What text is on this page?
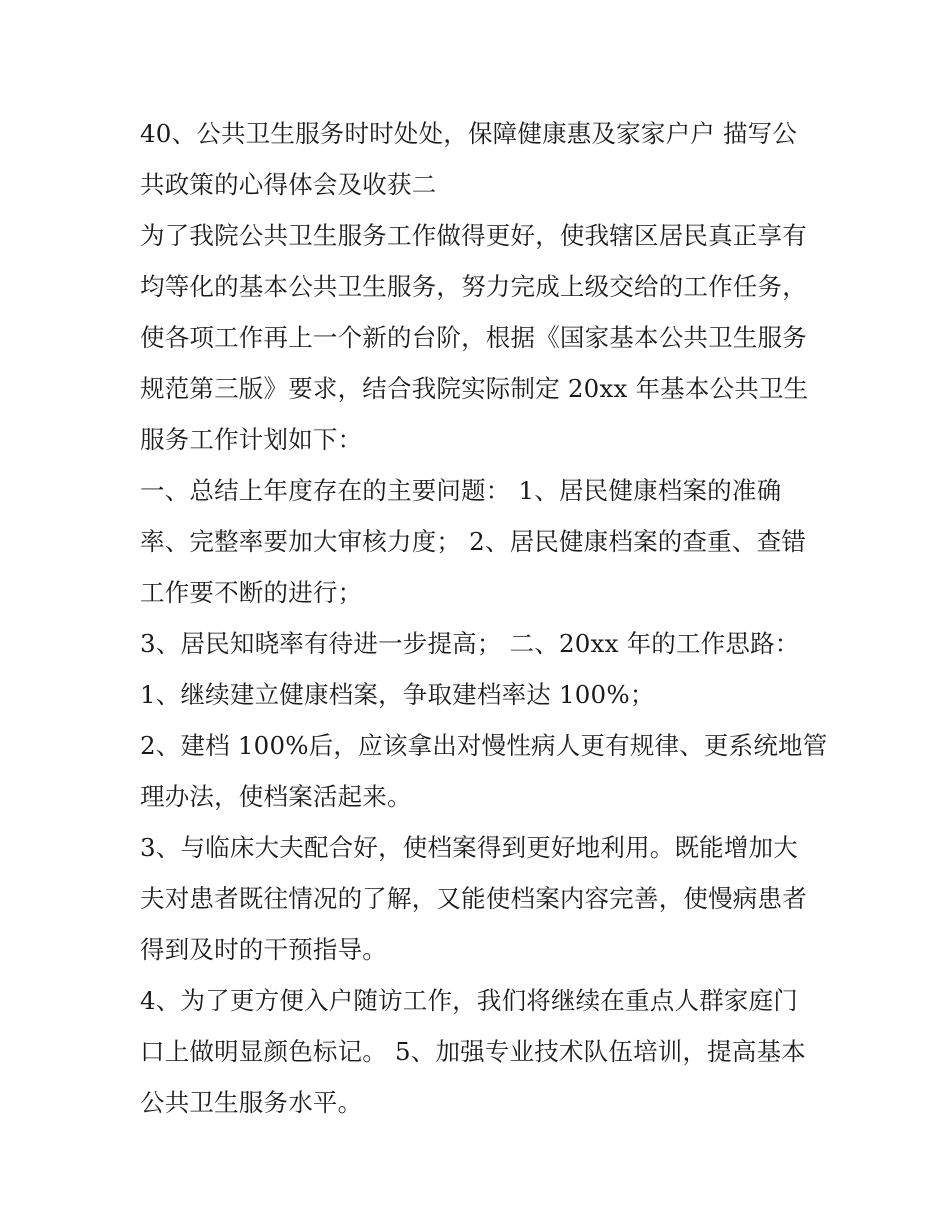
40、公共卫生服务时时处处，保障健康惠及家家户户 描写公
共政策的心得体会及收获二
为了我院公共卫生服务工作做得更好，使我辖区居民真正享有
均等化的基本公共卫生服务，努力完成上级交给的工作任务，
使各项工作再上一个新的台阶，根据《国家基本公共卫生服务
规范第三版》要求，结合我院实际制定 20xx 年基本公共卫生
服务工作计划如下：
一、总结上年度存在的主要问题： 1、居民健康档案的准确
率、完整率要加大审核力度； 2、居民健康档案的查重、查错
工作要不断的进行；
3、居民知晓率有待进一步提高； 二、20xx 年的工作思路：
1、继续建立健康档案，争取建档率达 100%；
2、建档 100%后，应该拿出对慢性病人更有规律、更系统地管
理办法，使档案活起来。
3、与临床大夫配合好，使档案得到更好地利用。既能增加大
夫对患者既往情况的了解，又能使档案内容完善，使慢病患者
得到及时的干预指导。
4、为了更方便入户随访工作，我们将继续在重点人群家庭门
口上做明显颜色标记。 5、加强专业技术队伍培训，提高基本
公共卫生服务水平。
